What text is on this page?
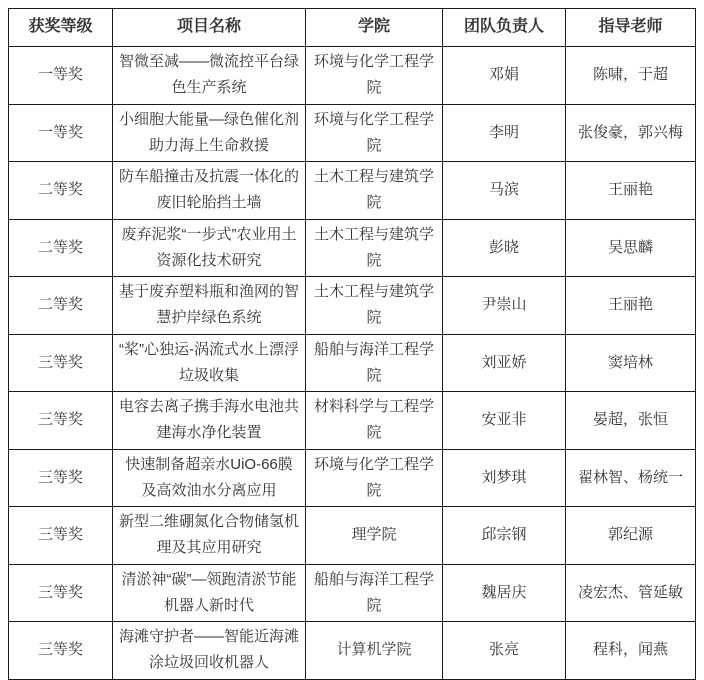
获奖等级	项目名称	学院	团队负责人	指导老师
一等奖	智微至减——微流控平台绿色生产系统	环境与化学工程学院	邓娟	陈啸，于超
一等奖	小细胞大能量—绿色催化剂助力海上生命救援	环境与化学工程学院	李明	张俊豪，郭兴梅
二等奖	防车船撞击及抗震一体化的废旧轮胎挡土墙	土木工程与建筑学院	马滨	王丽艳
二等奖	废弃泥浆“一步式”农业用土资源化技术研究	土木工程与建筑学院	彭晓	吴思麟
二等奖	基于废弃塑料瓶和渔网的智慧护岸绿色系统	土木工程与建筑学院	尹崇山	王丽艳
三等奖	“桨”心独运-涡流式水上漂浮垃圾收集	船舶与海洋工程学院	刘亚娇	窦培林
三等奖	电容去离子携手海水电池共建海水净化装置	材料科学与工程学院	安亚非	晏超，张恒
三等奖	快速制备超亲水UiO-66膜及高效油水分离应用	环境与化学工程学院	刘梦琪	翟林智、杨统一
三等奖	新型二维硼氮化合物储氢机理及其应用研究	理学院	邱宗钢	郭纪源
三等奖	清淤神“碳”—领跑清淤节能机器人新时代	船舶与海洋工程学院	魏居庆	凌宏杰、管延敏
三等奖	海滩守护者——智能近海滩涂垃圾回收机器人	计算机学院	张亮	程科，闻燕
